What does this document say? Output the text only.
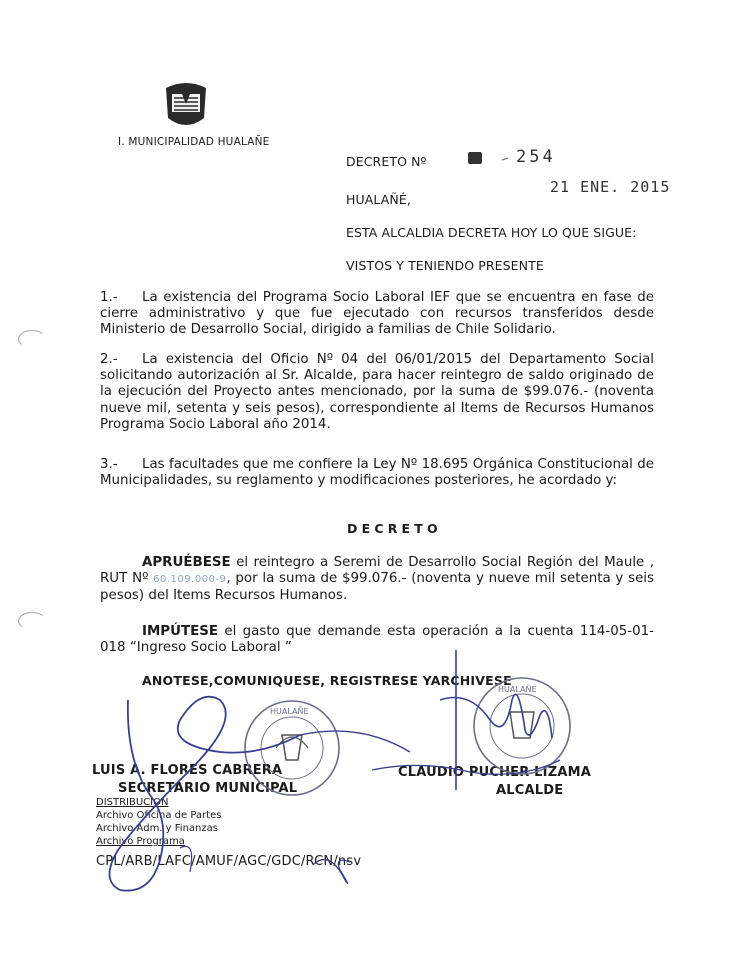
I. MUNICIPALIDAD HUALAÑE
DECRETO Nº	254
HUALAÑÉ,
21 ENE. 2015
ESTA ALCALDIA DECRETA HOY LO QUE SIGUE:
VISTOS Y TENIENDO PRESENTE
1.- La existencia del Programa Socio Laboral IEF que se encuentra en fase de cierre administrativo y que fue ejecutado con recursos transferidos desde Ministerio de Desarrollo Social, dirigido a familias de Chile Solidario.
2.- La existencia del Oficio Nº 04 del 06/01/2015 del Departamento Social solicitando autorización al Sr. Alcalde, para hacer reintegro de saldo originado de la ejecución del Proyecto antes mencionado, por la suma de $99.076.- (noventa nueve mil, setenta y seis pesos), correspondiente al Items de Recursos Humanos Programa Socio Laboral año 2014.
3.- Las facultades que me confiere la Ley Nº 18.695 Orgánica Constitucional de Municipalidades, su reglamento y modificaciones posteriores, he acordado y:
DECRETO
APRUÉBESE el reintegro a Seremi de Desarrollo Social Región del Maule , RUT Nº 60.109.000-9, por la suma de $99.076.- (noventa y nueve mil setenta y seis pesos) del Items Recursos Humanos.
IMPÚTESE el gasto que demande esta operación a la cuenta 114-05-01-018 “Ingreso Socio Laboral ”
ANOTESE,COMUNIQUESE, REGISTRESE YARCHIVESE
LUIS A. FLORES CABRERA
SECRETARIO MUNICIPAL
CLAUDIO PUCHER LIZAMA
ALCALDE
DISTRIBUCION
Archivo Oficina de Partes
Archivo Adm. y Finanzas
Archivo Programa
CPL/ARB/LAFC/AMUF/AGC/GDC/RCN/nsv
HUALAÑE
HUALAÑE
